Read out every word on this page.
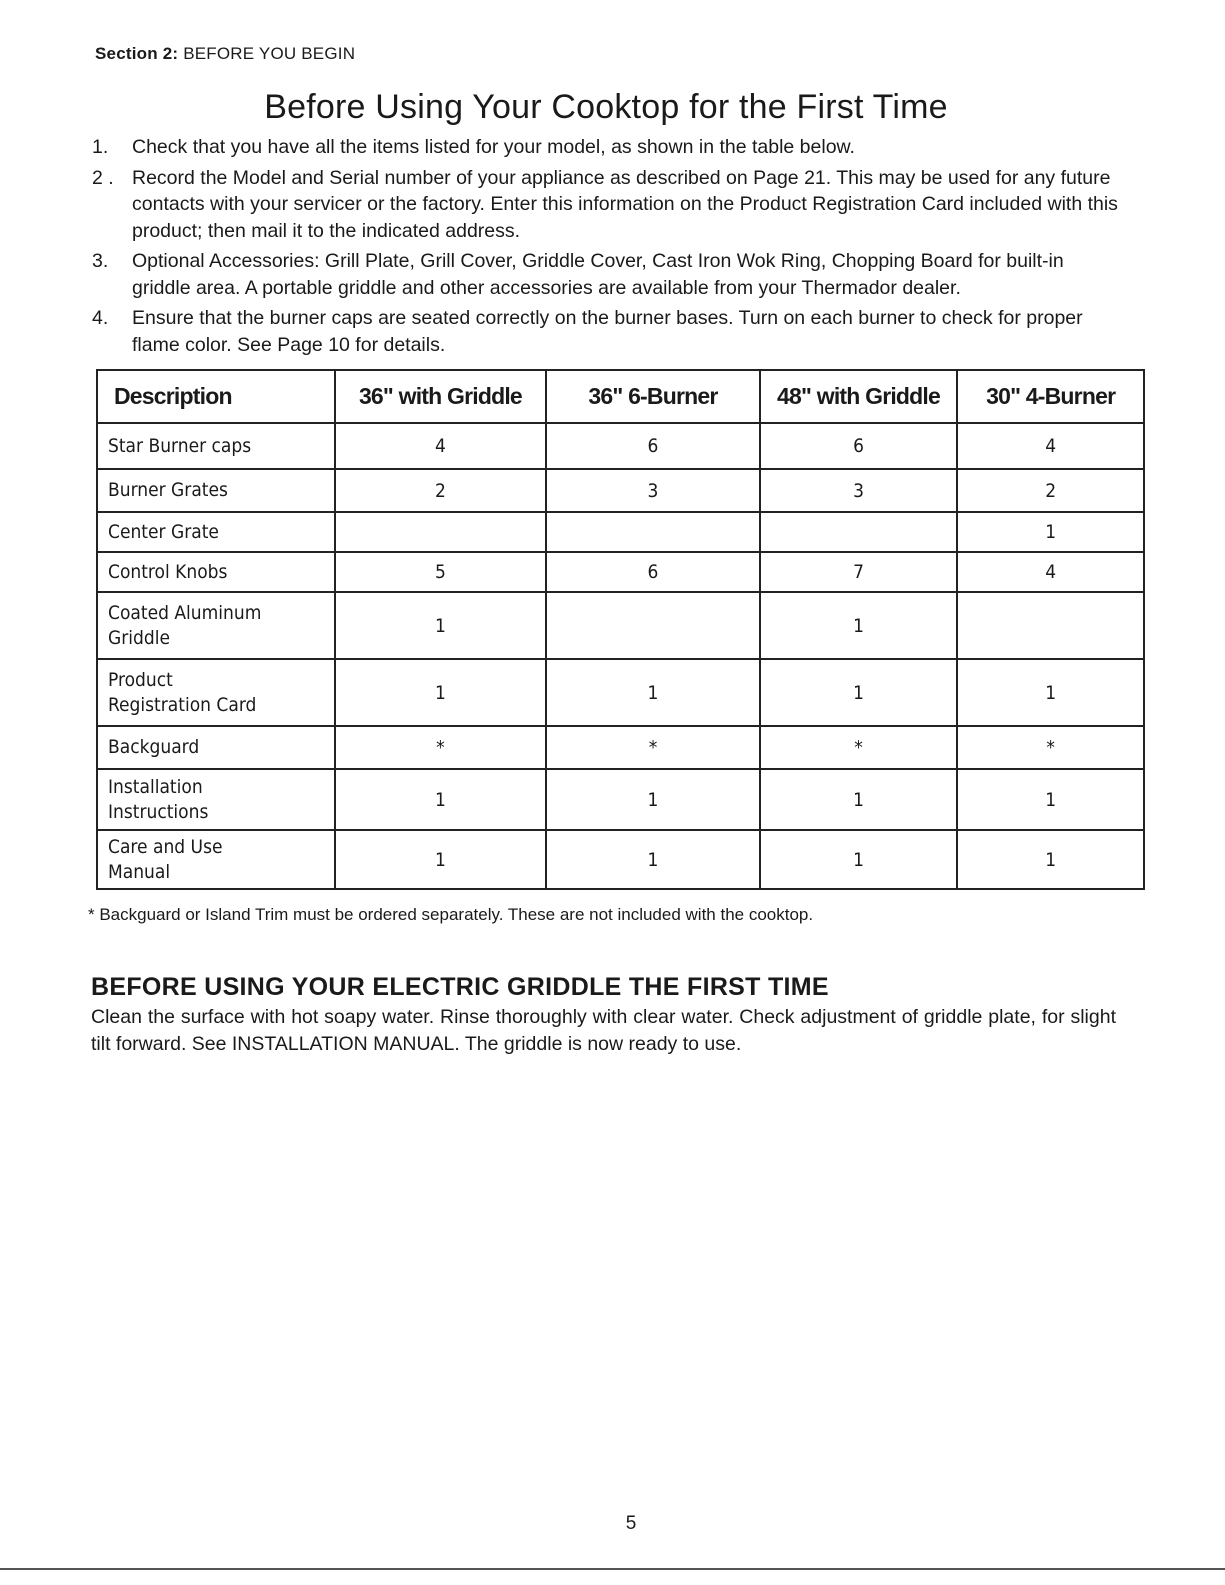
Section 2: BEFORE YOU BEGIN
Before Using Your Cooktop for the First Time
1.	Check that you have all the items listed for your model, as shown in the table below.
2 . Record the Model and Serial number of your appliance as described on Page 21. This may be used for any future contacts with your servicer or the factory. Enter this information on the Product Registration Card included with this product; then mail it to the indicated address.
3.	Optional Accessories: Grill Plate, Grill Cover, Griddle Cover, Cast Iron Wok Ring, Chopping Board for built-in griddle area. A portable griddle and other accessories are available from your Thermador dealer.
4.	Ensure that the burner caps are seated correctly on the burner bases. Turn on each burner to check for proper flame color. See Page 10 for details.
Description	36" with Griddle	36" 6-Burner	48" with Griddle	30" 4-Burner

Star Burner caps	4	6	6	4

Burner Grates	2	3	3	2

Center Grate				1

Control Knobs	5	6	7	4

Coated Aluminum
Griddle	1		1	

Product
Registration Card	1	1	1	1

Backguard	*	*	*	*

Installation
Instructions	1	1	1	1

Care and Use
Manual	1	1	1	1
* Backguard or Island Trim must be ordered separately. These are not included with the cooktop.
BEFORE USING YOUR ELECTRIC GRIDDLE THE FIRST TIME
Clean the surface with hot soapy water. Rinse thoroughly with clear water. Check adjustment of griddle plate, for slight tilt forward. See INSTALLATION MANUAL. The griddle is now ready to use.
5
